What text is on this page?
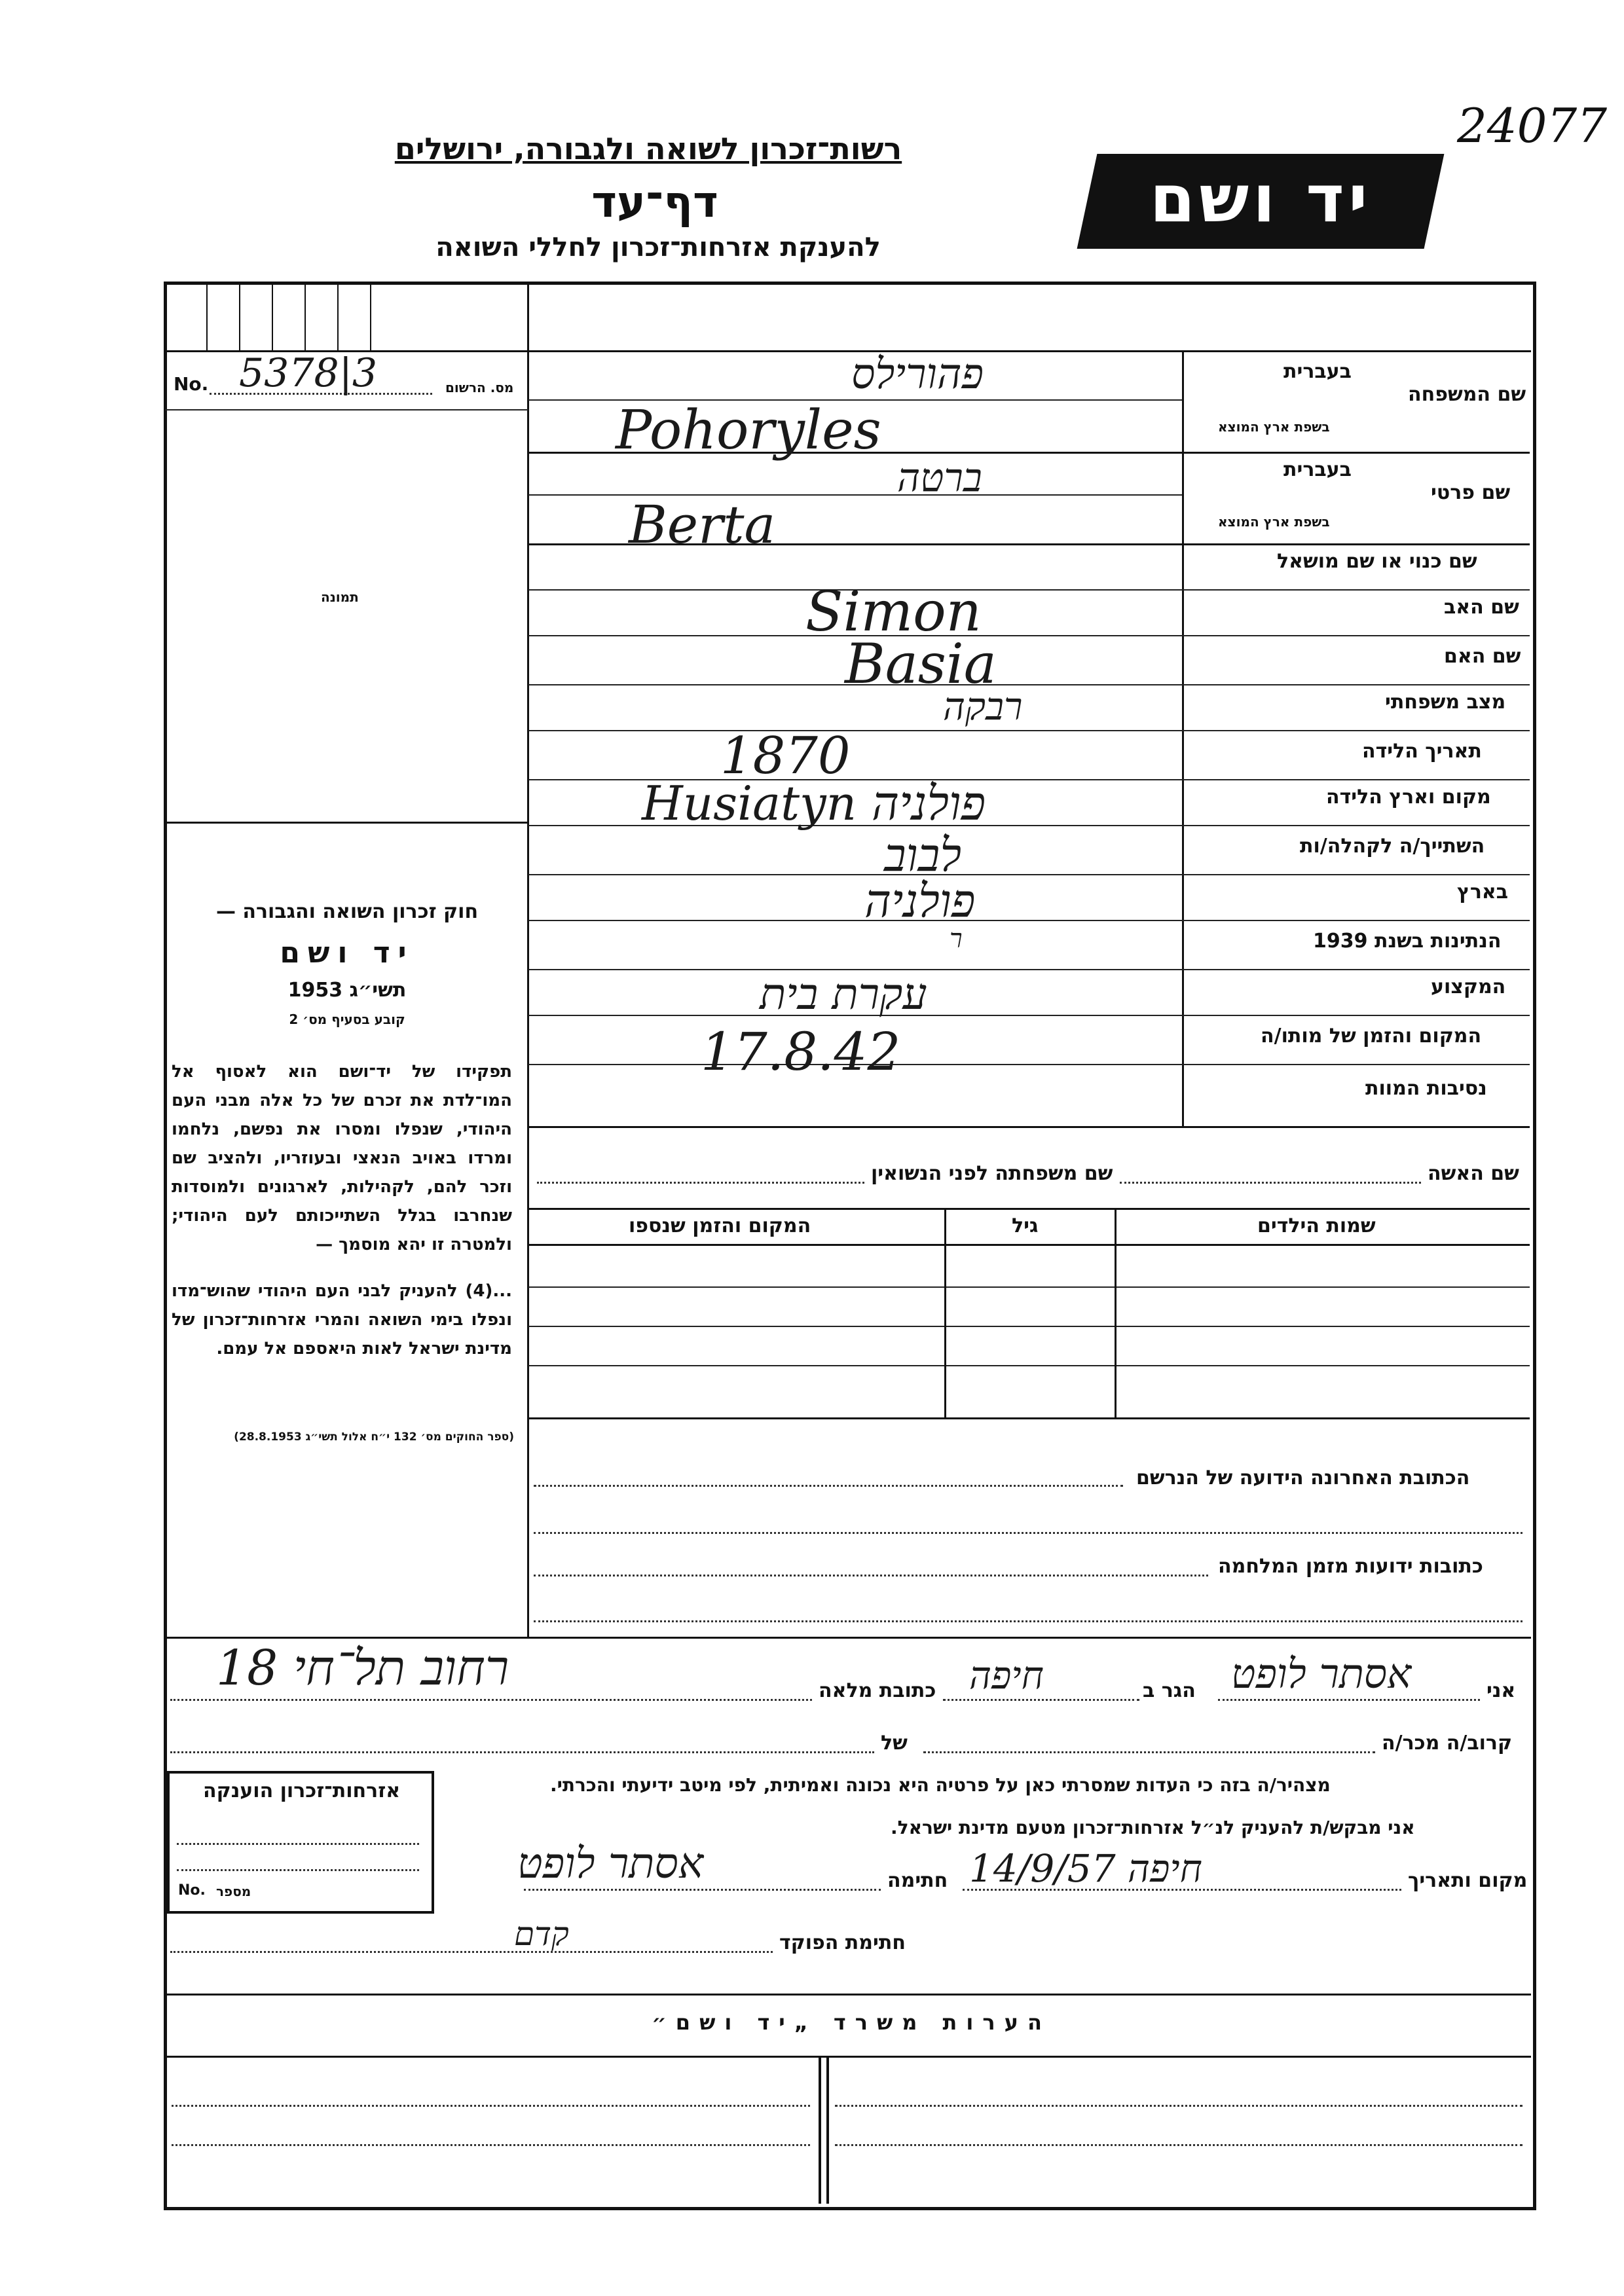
24077
רשות־זכרון לשואה ולגבורה, ירושלים
דף־עד
להענקת אזרחות־זכרון לחללי השואה
יד ושם
No. 5378|3	מס. הרשום
תמונה
חוק זכרון השואה והגבורה —
יד ושם
תשי״ג 1953
קובע בסעיף מס׳ 2
תפקידו של יד־ושם הוא לאסוף אל המו־לדת את זכרם של כל אלה מבני העם היהודי, שנפלו ומסרו את נפשם, נלחמו ומרדו באויב הנאצי ובעוזריו, ולהציב שם וזכר להם, לקהילות, לארגונים ולמוסדות שנחרבו בגלל השתייכותם לעם היהודי; ולמטרה זו יהא מוסמך —
...(4) להעניק לבני העם היהודי שהוש־מדו ונפלו בימי השואה והמרי אזרחות־זכרון של מדינת ישראל לאות היאספם אל עמם.
(ספר החוקים מס׳ 132 י״ח אלול תשי״ג 28.8.1953)
בעברית
שם המשפחה
בשפת ארץ המוצא
בעברית
שם פרטי
בשפת ארץ המוצא
שם כנוי או שם מושאל
שם האב
שם האם
מצב משפחתי
תאריך הלידה
מקום וארץ הלידה
השתייך/ה לקהלה/ות
בארץ
הנתינות בשנת 1939
המקצוע
המקום והזמן של מותו/ה
נסיבות המוות
פהורילס
Pohoryles
ברטה
Berta
Simon
Basia
רבקה
1870
Husiatyn פולניה
לבוב
פולניה
ר
עקרת בית
17.8.42
שם האשה
שם משפחתה לפני הנשואין
שמות הילדים
גיל
המקום והזמן שנספו
הכתובת האחרונה הידועה של הנרשם
כתובות ידועות מזמן המלחמה
אני
אסתר לופט
הגר ב
חיפה
כתובת מלאה
רחוב תל־חי 18
קרוב/ה מכר/ה
של
מצהיר/ה בזה כי העדות שמסרתי כאן על פרטיה היא נכונה ואמיתית, לפי מיטב ידיעתי והכרתי.
אני מבקש/ת להעניק לנ״ל אזרחות־זכרון מטעם מדינת ישראל.
מקום ותאריך
חיפה 14/9/57
חתימה
אסתר לופט
חתימת הפוקד
קדם
אזרחות־זכרון הוענקה
No. מספר
הערות משרד „יד ושם״
